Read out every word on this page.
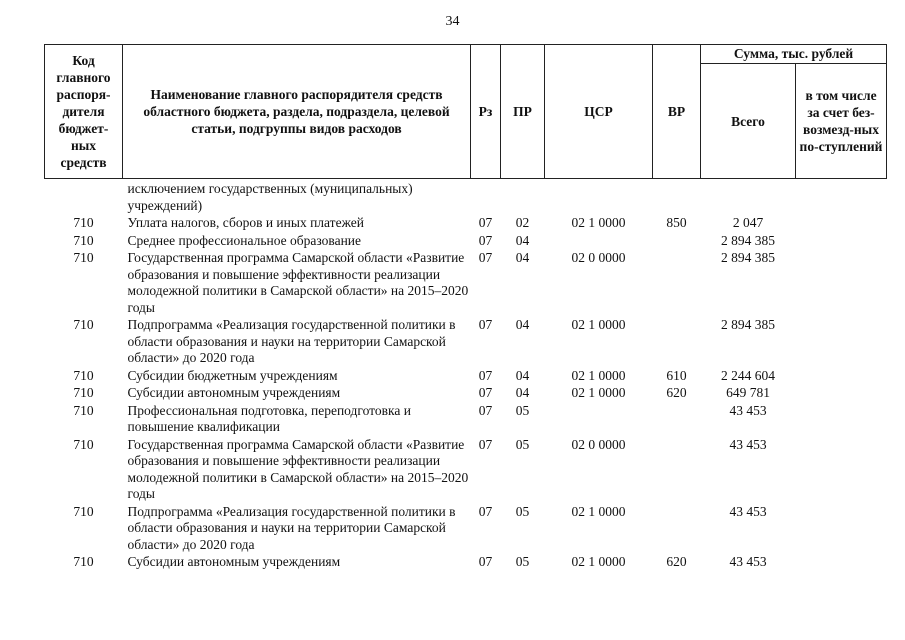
34
Код главного распоря-дителя бюджет-ных средств	Наименование главного распорядителя средств областного бюджета, раздела, подраздела, целевой статьи, подгруппы видов расходов	Рз	ПР	ЦСР	ВР	Сумма, тыс. рублей	
						Всего	в том числе за счет без-возмезд-ных по-ступлений
	исключением государственных (муниципальных) учреждений)						
710	Уплата налогов, сборов и иных платежей	07	02	02 1 0000	850	2 047	
710	Среднее профессиональное образование	07	04			2 894 385	
710	Государственная программа Самарской области «Развитие образования и повышение эффективности реализации молодежной политики в Самарской области» на 2015–2020 годы	07	04	02 0 0000		2 894 385	
710	Подпрограмма «Реализация государственной политики в области образования и науки на территории Самарской области» до 2020 года	07	04	02 1 0000		2 894 385	
710	Субсидии бюджетным учреждениям	07	04	02 1 0000	610	2 244 604	
710	Субсидии автономным учреждениям	07	04	02 1 0000	620	649 781	
710	Профессиональная подготовка, переподготовка и повышение квалификации	07	05			43 453	
710	Государственная программа Самарской области «Развитие образования и повышение эффективности реализации молодежной политики в Самарской области» на 2015–2020 годы	07	05	02 0 0000		43 453	
710	Подпрограмма «Реализация государственной политики в области образования и науки на территории Самарской области» до 2020 года	07	05	02 1 0000		43 453	
710	Субсидии автономным учреждениям	07	05	02 1 0000	620	43 453	
